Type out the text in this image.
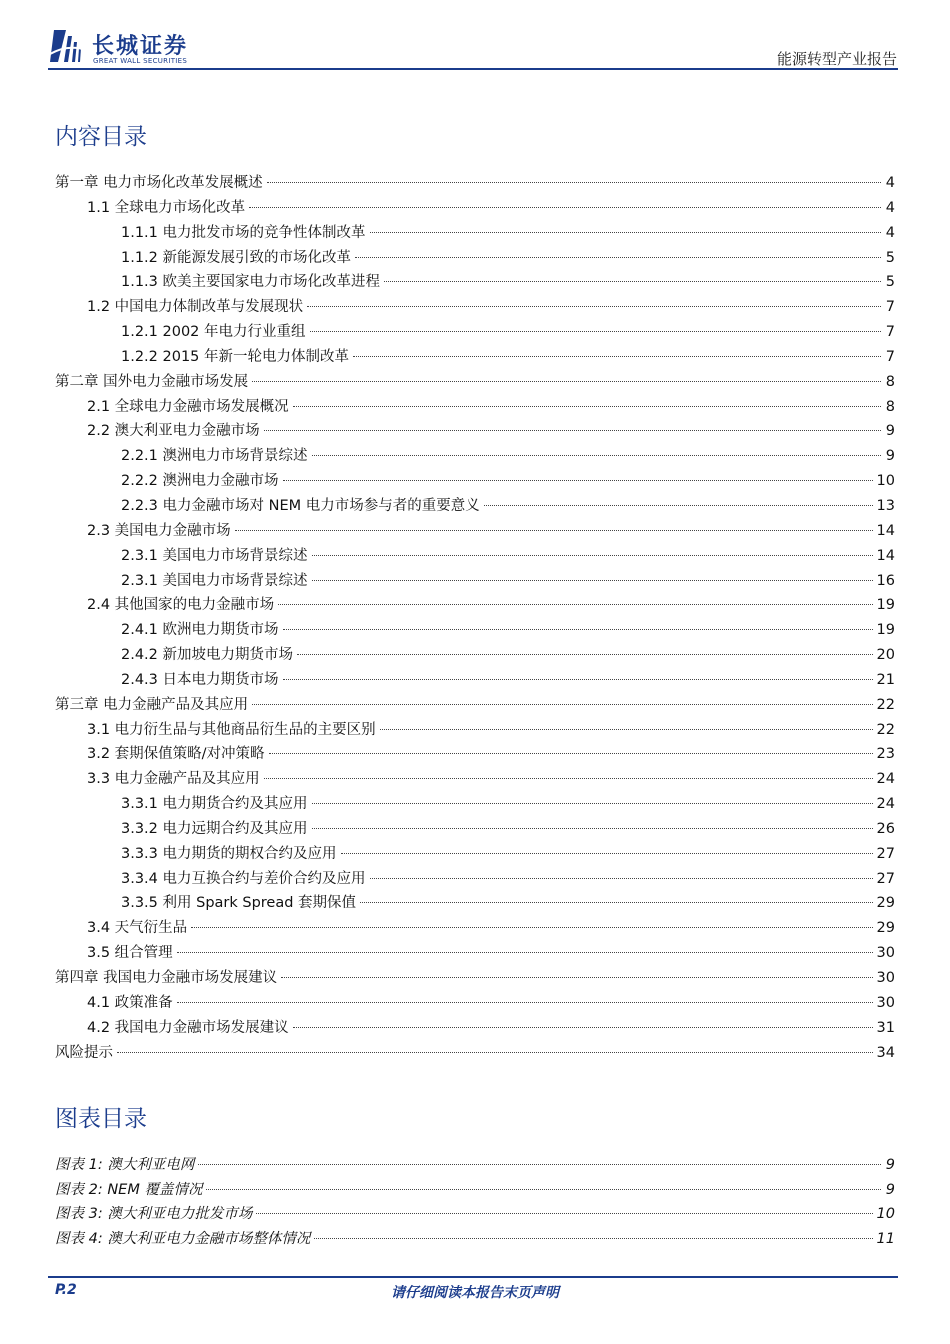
长城证券
GREAT WALL SECURITIES	能源转型产业报告
内容目录
第一章 电力市场化改革发展概述	4
1.1 全球电力市场化改革	4
1.1.1 电力批发市场的竞争性体制改革	4
1.1.2 新能源发展引致的市场化改革	5
1.1.3 欧美主要国家电力市场化改革进程	5
1.2 中国电力体制改革与发展现状	7
1.2.1 2002 年电力行业重组	7
1.2.2 2015 年新一轮电力体制改革	7
第二章 国外电力金融市场发展	8
2.1 全球电力金融市场发展概况	8
2.2 澳大利亚电力金融市场	9
2.2.1 澳洲电力市场背景综述	9
2.2.2 澳洲电力金融市场	10
2.2.3 电力金融市场对 NEM 电力市场参与者的重要意义	13
2.3 美国电力金融市场	14
2.3.1 美国电力市场背景综述	14
2.3.1 美国电力市场背景综述	16
2.4 其他国家的电力金融市场	19
2.4.1 欧洲电力期货市场	19
2.4.2 新加坡电力期货市场	20
2.4.3 日本电力期货市场	21
第三章 电力金融产品及其应用	22
3.1 电力衍生品与其他商品衍生品的主要区别	22
3.2 套期保值策略/对冲策略	23
3.3 电力金融产品及其应用	24
3.3.1 电力期货合约及其应用	24
3.3.2 电力远期合约及其应用	26
3.3.3 电力期货的期权合约及应用	27
3.3.4 电力互换合约与差价合约及应用	27
3.3.5 利用 Spark Spread 套期保值	29
3.4 天气衍生品	29
3.5 组合管理	30
第四章 我国电力金融市场发展建议	30
4.1 政策准备	30
4.2 我国电力金融市场发展建议	31
风险提示	34
图表目录
图表 1: 澳大利亚电网	9
图表 2: NEM 覆盖情况	9
图表 3: 澳大利亚电力批发市场	10
图表 4: 澳大利亚电力金融市场整体情况	11
请仔细阅读本报告末页声明
P.2
